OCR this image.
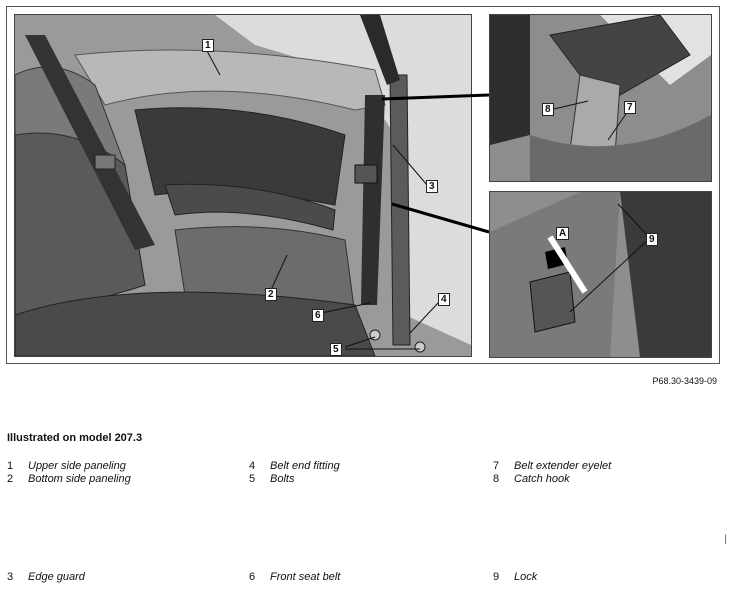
1
2
3
4
5
6
8	7
9
A
P68.30-3439-09
Illustrated on model 207.3
1 Upper side paneling
2 Bottom side paneling
3 Edge guard
4 Belt end fitting
5 Bolts
6 Front seat belt
7 Belt extender eyelet
8 Catch hook
9 Lock
|
